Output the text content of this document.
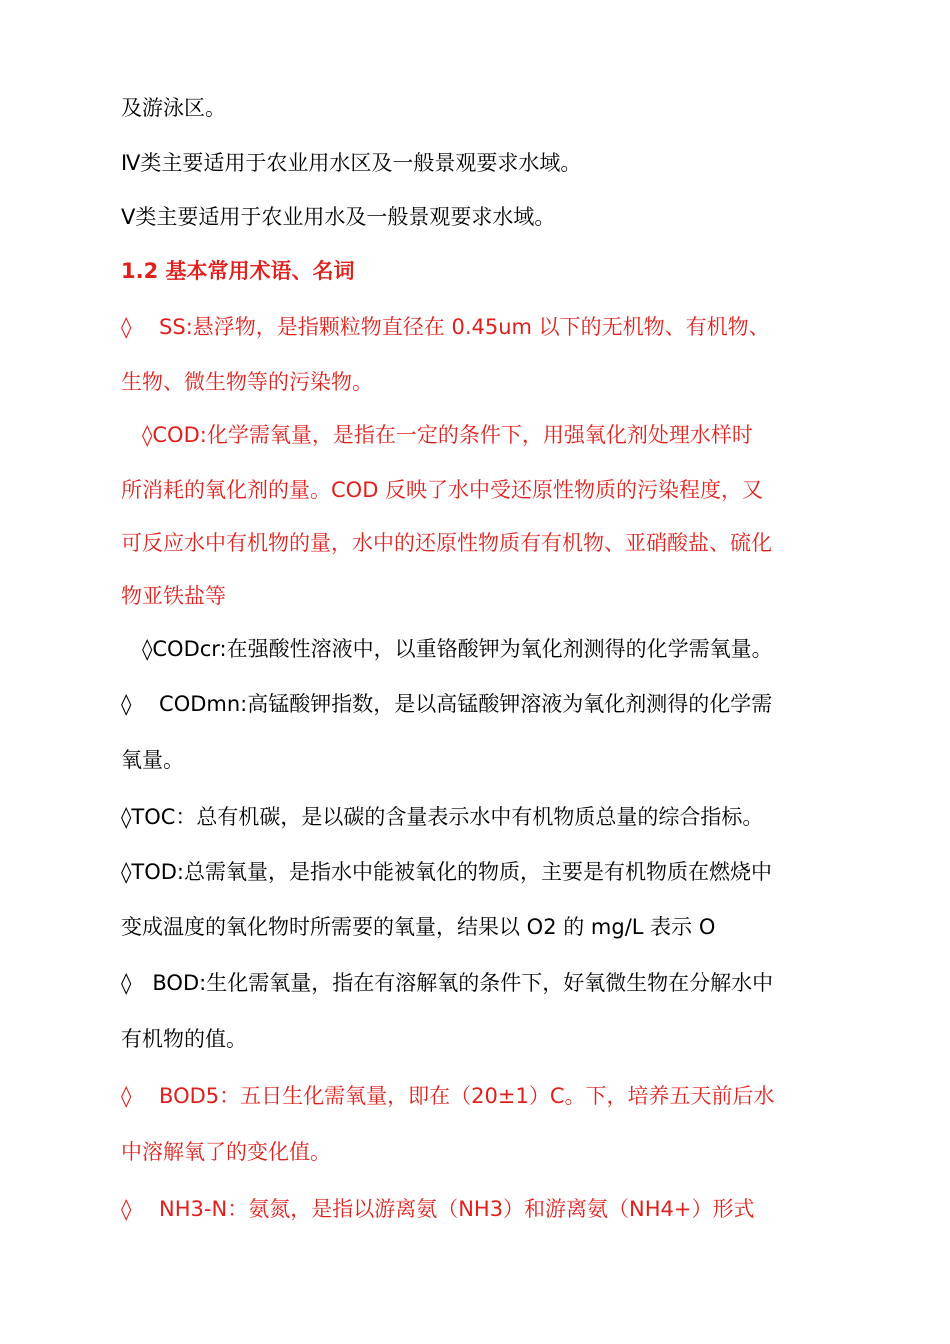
及游泳区。
Ⅳ类主要适用于农业用水区及一般景观要求水域。
Ⅴ类主要适用于农业用水及一般景观要求水域。
1.2 基本常用术语、名词
◊　 SS:悬浮物，是指颗粒物直径在 0.45um 以下的无机物、有机物、
生物、微生物等的污染物。
　◊COD:化学需氧量，是指在一定的条件下，用强氧化剂处理水样时
所消耗的氧化剂的量。COD 反映了水中受还原性物质的污染程度，又
可反应水中有机物的量，水中的还原性物质有有机物、亚硝酸盐、硫化
物亚铁盐等
　◊CODcr:在强酸性溶液中，以重铬酸钾为氧化剂测得的化学需氧量。
◊　 CODmn:高锰酸钾指数，是以高锰酸钾溶液为氧化剂测得的化学需
氧量。
◊TOC：总有机碳，是以碳的含量表示水中有机物质总量的综合指标。
◊TOD:总需氧量，是指水中能被氧化的物质，主要是有机物质在燃烧中
变成温度的氧化物时所需要的氧量，结果以 O2 的 mg/L 表示 O
◊　BOD:生化需氧量，指在有溶解氧的条件下，好氧微生物在分解水中
有机物的值。
◊　 BOD5：五日生化需氧量，即在（20±1）C。下，培养五天前后水
中溶解氧了的变化值。
◊　 NH3-N：氨氮，是指以游离氨（NH3）和游离氨（NH4+）形式
